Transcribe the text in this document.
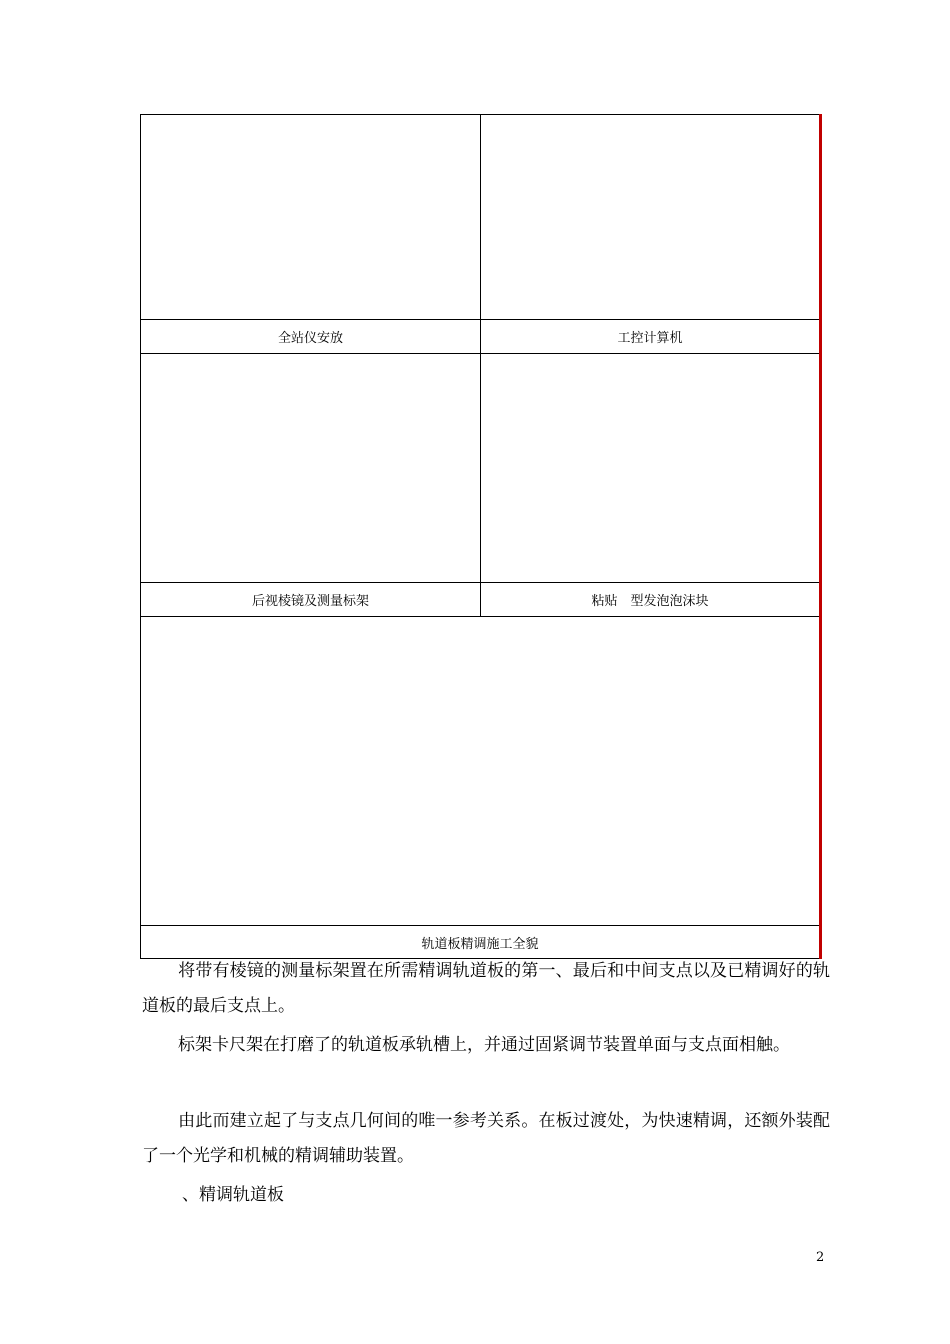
全站仪安放	工控计算机
后视棱镜及测量标架	粘贴　型发泡泡沫块
轨道板精调施工全貌
将带有棱镜的测量标架置在所需精调轨道板的第一、最后和中间支点以及已精调好的轨道板的最后支点上。
标架卡尺架在打磨了的轨道板承轨槽上，并通过固紧调节装置单面与支点面相触。
由此而建立起了与支点几何间的唯一参考关系。在板过渡处，为快速精调，还额外装配了一个光学和机械的精调辅助装置。
、精调轨道板
2
